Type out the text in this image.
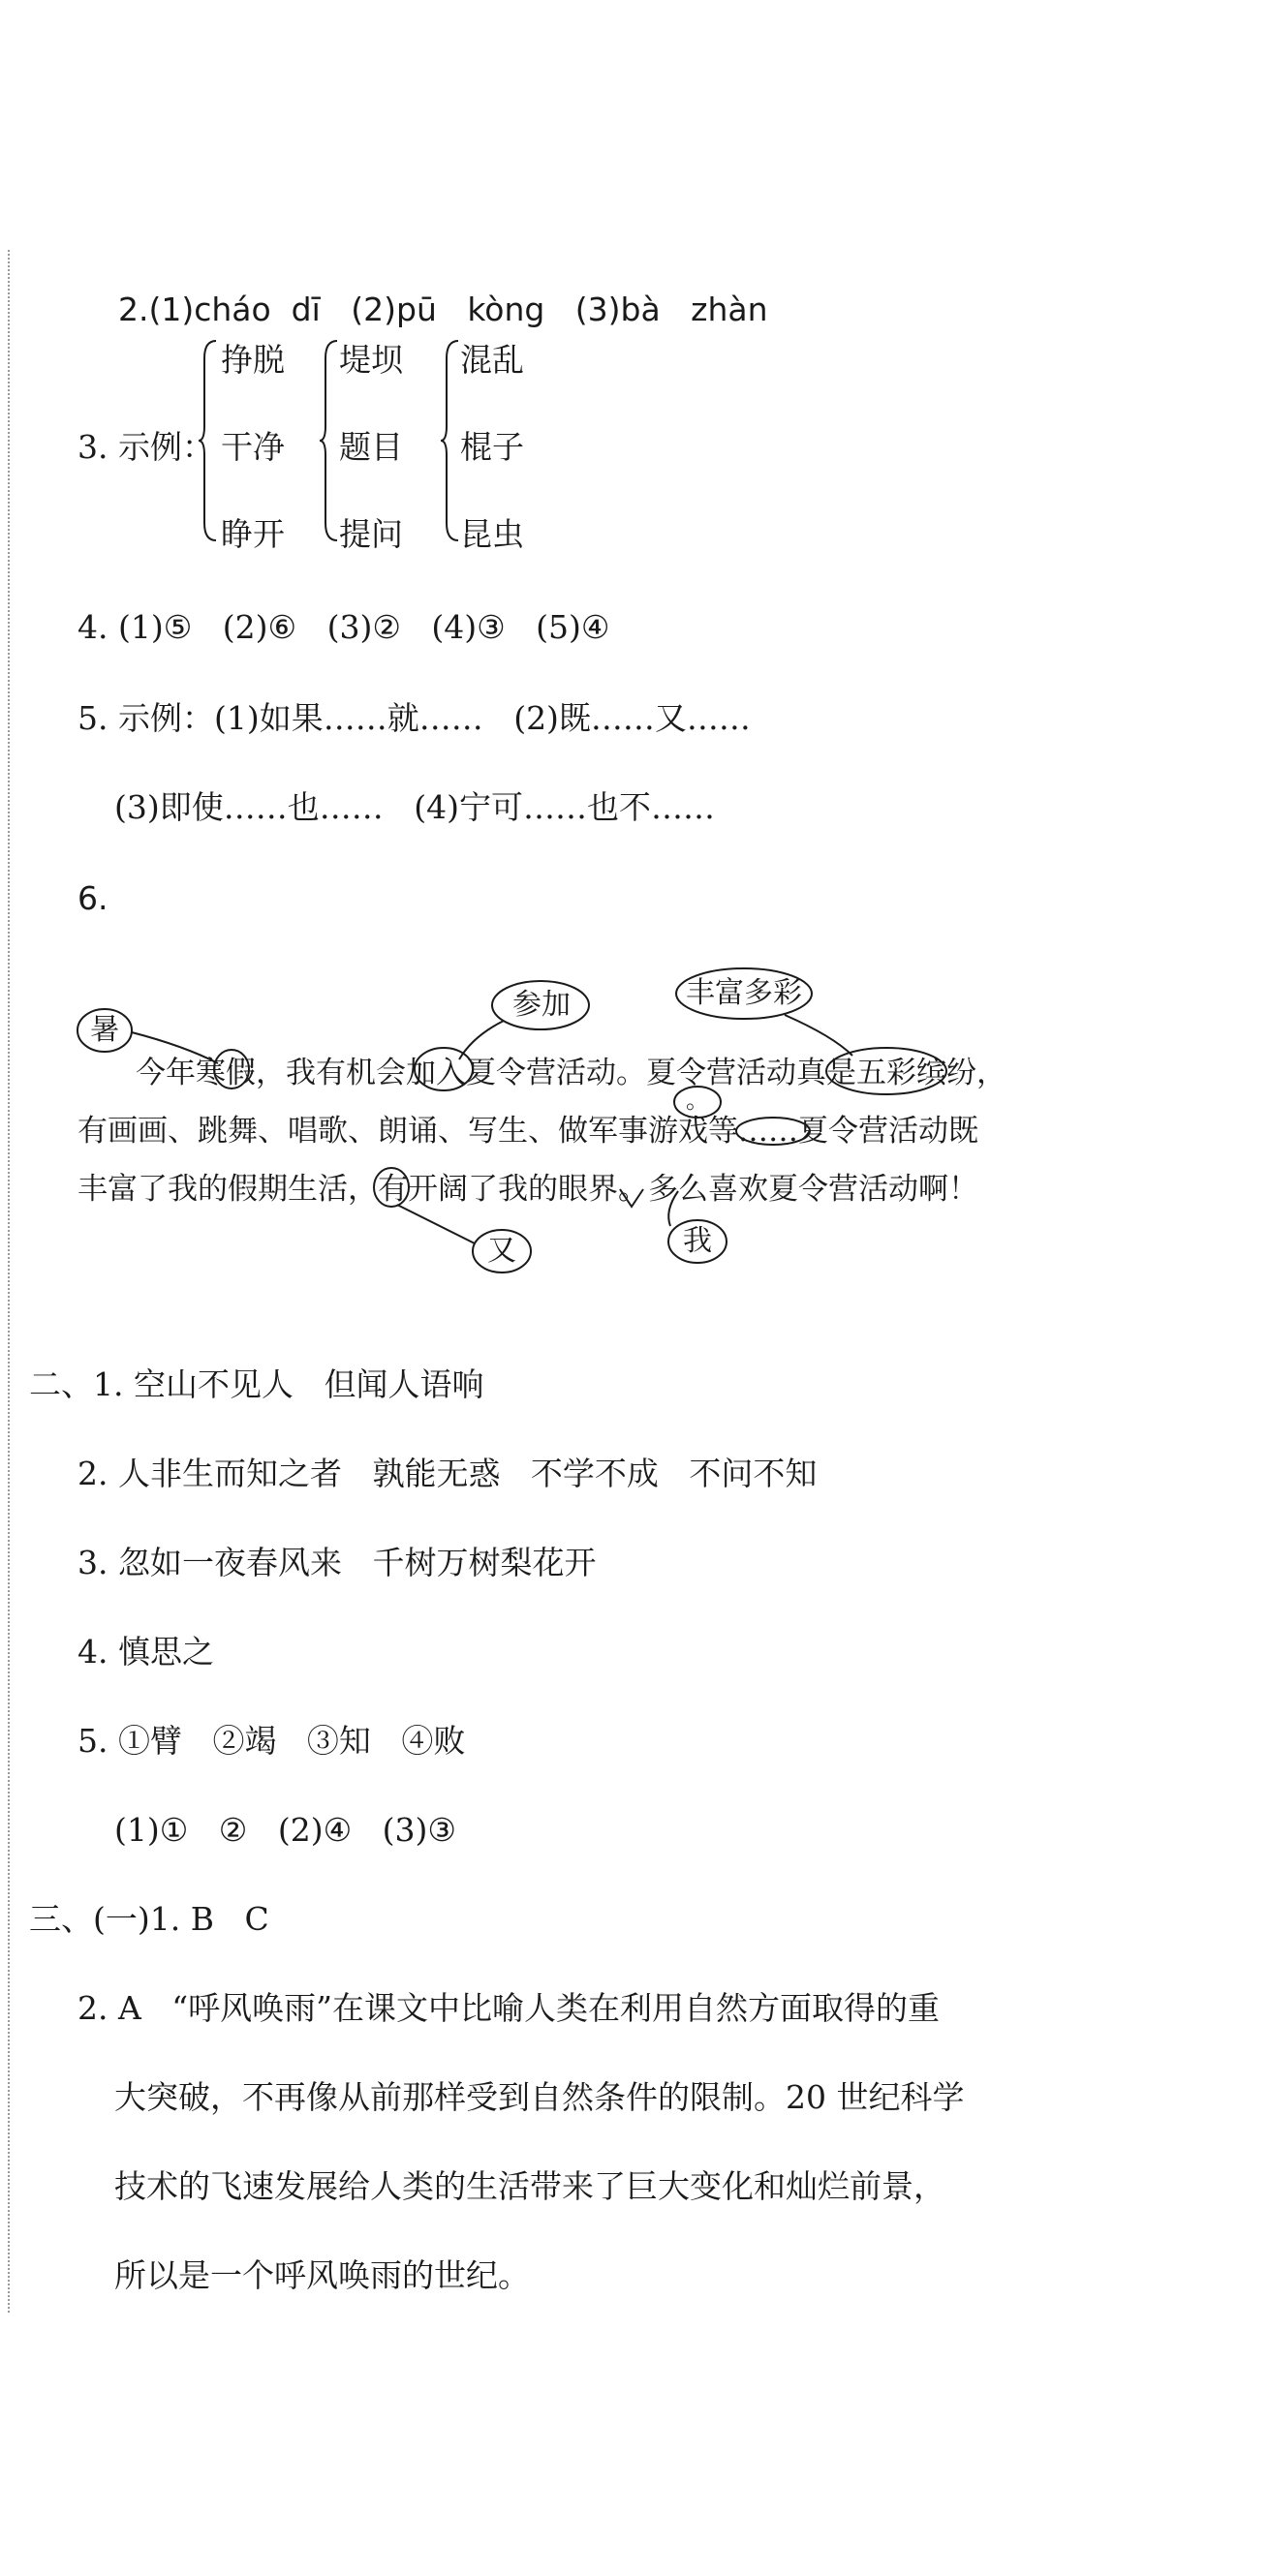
2.(1)cháo  dī   (2)pū   kòng   (3)bà   zhàn

3. 示例：
挣脱
干净
睁开
堤坝
题目
提问
混乱
棍子
昆虫
4. (1)⑤   (2)⑥   (3)②   (4)③   (5)④
5. 示例：(1)如果……就……   (2)既……又……
(3)即使……也……   (4)宁可……也不……
6.
今年寒假，我有机会加入夏令营活动。夏令营活动真是五彩缤纷，
有画画、跳舞、唱歌、朗诵、写生、做军事游戏等……夏令营活动既
丰富了我的假期生活，有开阔了我的眼界。多么喜欢夏令营活动啊！
暑
参加	丰富多彩
。
又	我
二、1. 空山不见人   但闻人语响
2. 人非生而知之者   孰能无惑   不学不成   不问不知
3. 忽如一夜春风来   千树万树梨花开
4. 慎思之
5. ①臂   ②竭   ③知   ④败
(1)①   ②   (2)④   (3)③
三、(一)1. B   C
2. A   “呼风唤雨”在课文中比喻人类在利用自然方面取得的重
大突破，不再像从前那样受到自然条件的限制。20 世纪科学
技术的飞速发展给人类的生活带来了巨大变化和灿烂前景，
所以是一个呼风唤雨的世纪。
